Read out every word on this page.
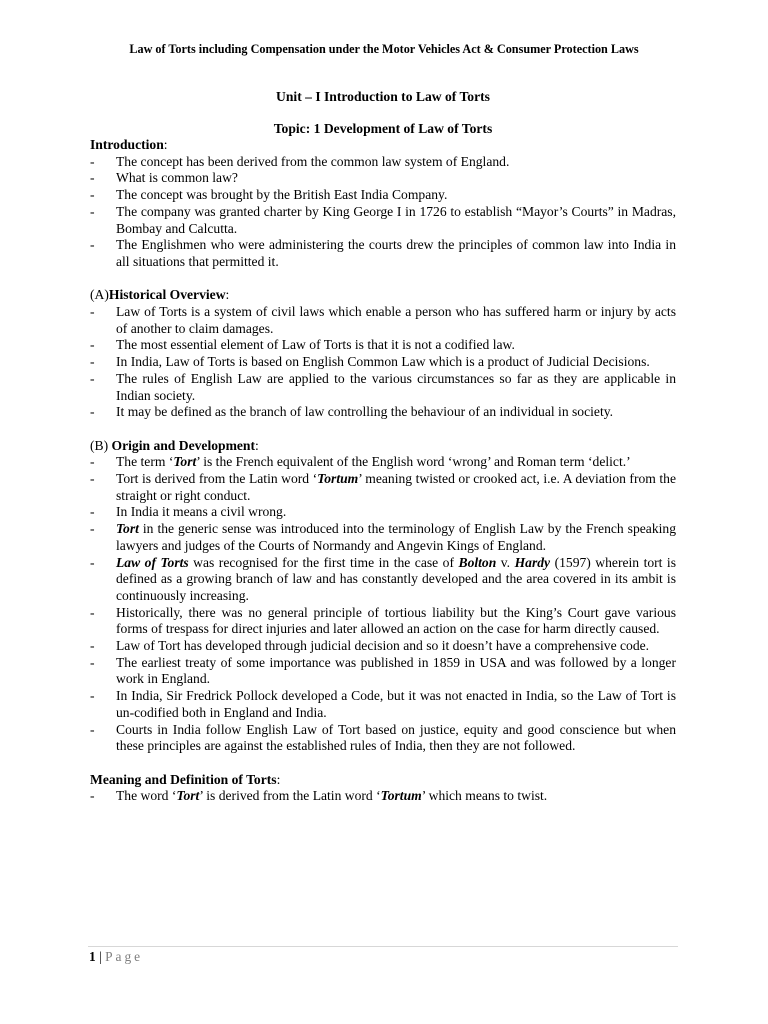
Law of Torts including Compensation under the Motor Vehicles Act & Consumer Protection Laws
Unit – I Introduction to Law of Torts
Topic: 1 Development of Law of Torts
Introduction:
- The concept has been derived from the common law system of England.
- What is common law?
- The concept was brought by the British East India Company.
- The company was granted charter by King George I in 1726 to establish “Mayor’s Courts” in Madras, Bombay and Calcutta.
- The Englishmen who were administering the courts drew the principles of common law into India in all situations that permitted it.
(A)Historical Overview:
- Law of Torts is a system of civil laws which enable a person who has suffered harm or injury by acts of another to claim damages.
- The most essential element of Law of Torts is that it is not a codified law.
- In India, Law of Torts is based on English Common Law which is a product of Judicial Decisions.
- The rules of English Law are applied to the various circumstances so far as they are applicable in Indian society.
- It may be defined as the branch of law controlling the behaviour of an individual in society.
(B) Origin and Development:
- The term ‘Tort’ is the French equivalent of the English word ‘wrong’ and Roman term ‘delict.’
- Tort is derived from the Latin word ‘Tortum’ meaning twisted or crooked act, i.e. A deviation from the straight or right conduct.
- In India it means a civil wrong.
- Tort in the generic sense was introduced into the terminology of English Law by the French speaking lawyers and judges of the Courts of Normandy and Angevin Kings of England.
- Law of Torts was recognised for the first time in the case of Bolton v. Hardy (1597) wherein tort is defined as a growing branch of law and has constantly developed and the area covered in its ambit is continuously increasing.
- Historically, there was no general principle of tortious liability but the King’s Court gave various forms of trespass for direct injuries and later allowed an action on the case for harm directly caused.
- Law of Tort has developed through judicial decision and so it doesn’t have a comprehensive code.
- The earliest treaty of some importance was published in 1859 in USA and was followed by a longer work in England.
- In India, Sir Fredrick Pollock developed a Code, but it was not enacted in India, so the Law of Tort is un-codified both in England and India.
- Courts in India follow English Law of Tort based on justice, equity and good conscience but when these principles are against the established rules of India, then they are not followed.
Meaning and Definition of Torts:
- The word ‘Tort’ is derived from the Latin word ‘Tortum’ which means to twist.
1 | Page
